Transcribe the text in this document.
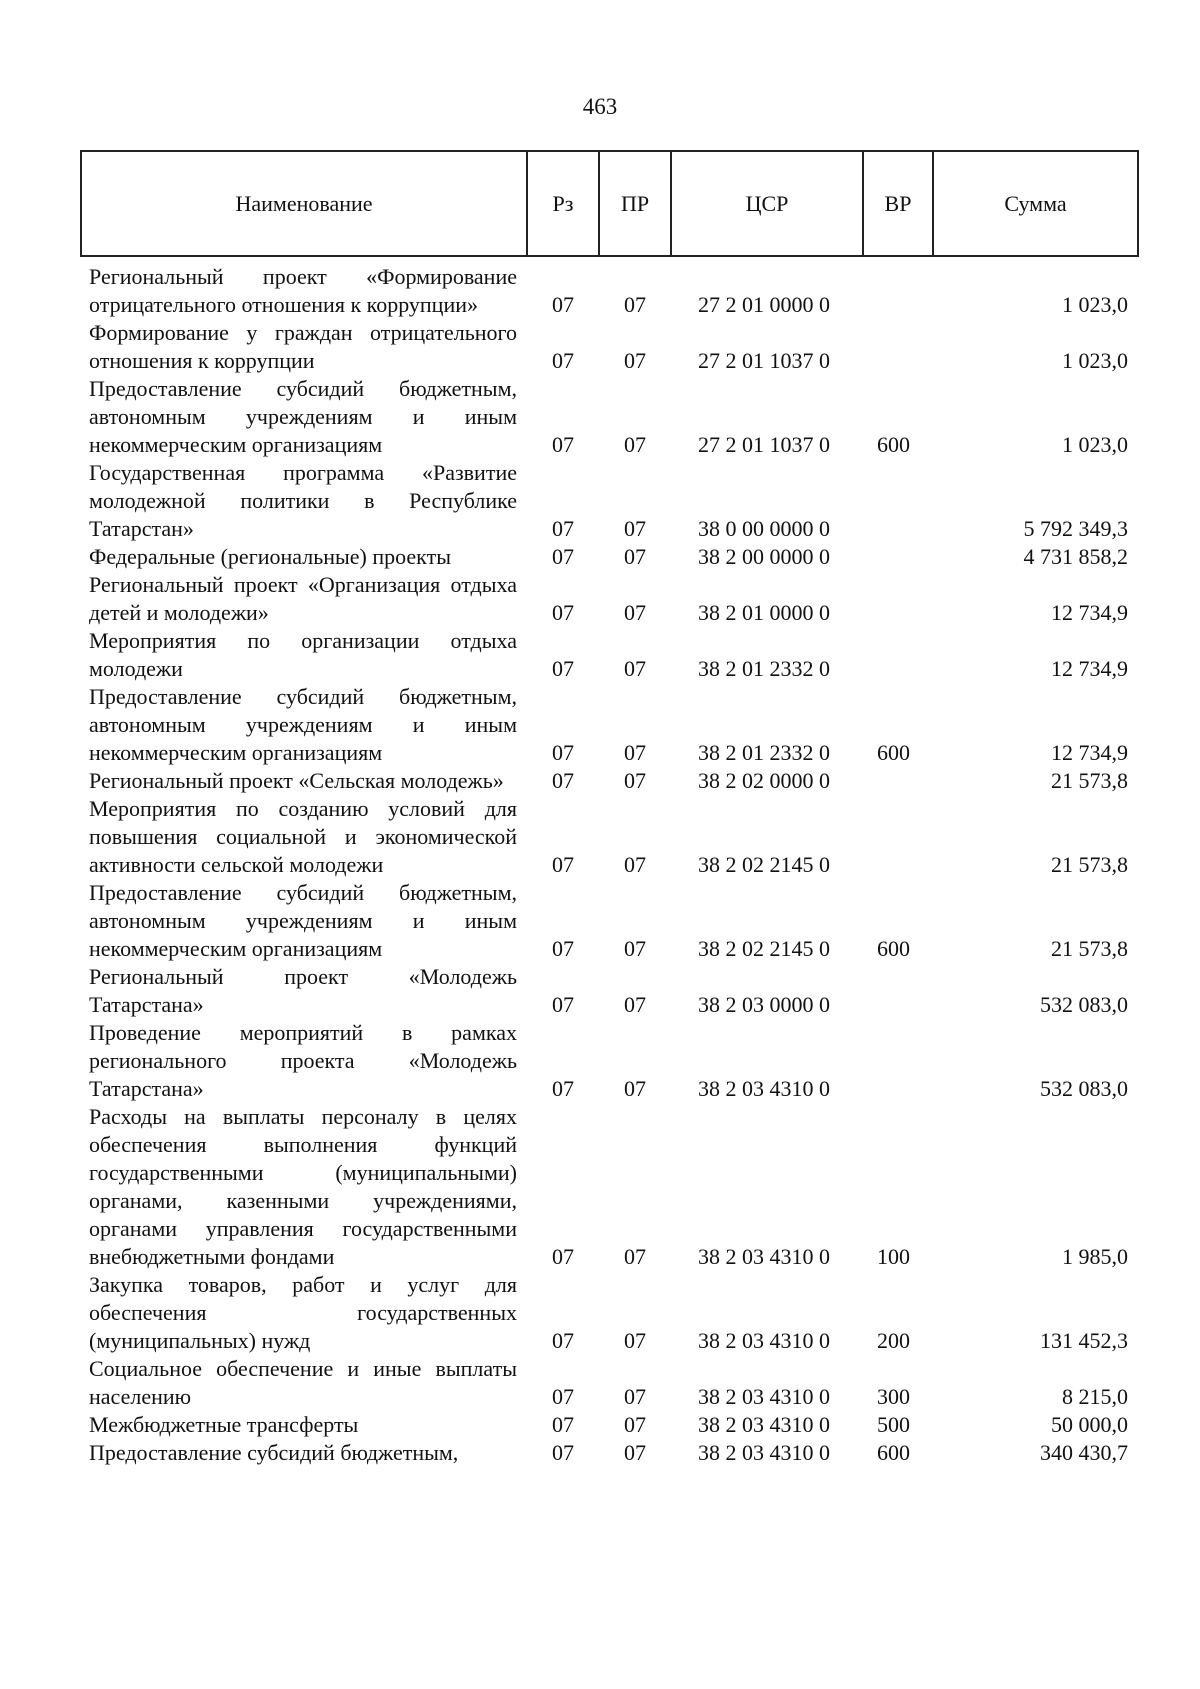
463
Наименование	Рз	ПР	ЦСР	ВР	Сумма

Региональный проект «Формирование отрицательного отношения к коррупции»	07	07	27 2 01 0000 0		1 023,0
Формирование у граждан отрицательного отношения к коррупции	07	07	27 2 01 1037 0		1 023,0
Предоставление субсидий бюджетным, автономным учреждениям и иным некоммерческим организациям	07	07	27 2 01 1037 0	600	1 023,0
Государственная программа «Развитие молодежной политики в Республике Татарстан»	07	07	38 0 00 0000 0		5 792 349,3
Федеральные (региональные) проекты	07	07	38 2 00 0000 0		4 731 858,2
Региональный проект «Организация отдыха детей и молодежи»	07	07	38 2 01 0000 0		12 734,9
Мероприятия по организации отдыха молодежи	07	07	38 2 01 2332 0		12 734,9
Предоставление субсидий бюджетным, автономным учреждениям и иным некоммерческим организациям	07	07	38 2 01 2332 0	600	12 734,9
Региональный проект «Сельская молодежь»	07	07	38 2 02 0000 0		21 573,8
Мероприятия по созданию условий для повышения социальной и экономической активности сельской молодежи	07	07	38 2 02 2145 0		21 573,8
Предоставление субсидий бюджетным, автономным учреждениям и иным некоммерческим организациям	07	07	38 2 02 2145 0	600	21 573,8
Региональный проект «Молодежь Татарстана»	07	07	38 2 03 0000 0		532 083,0
Проведение мероприятий в рамках регионального проекта «Молодежь Татарстана»	07	07	38 2 03 4310 0		532 083,0
Расходы на выплаты персоналу в целях обеспечения выполнения функций государственными (муниципальными) органами, казенными учреждениями, органами управления государственными внебюджетными фондами	07	07	38 2 03 4310 0	100	1 985,0
Закупка товаров, работ и услуг для обеспечения государственных (муниципальных) нужд	07	07	38 2 03 4310 0	200	131 452,3
Социальное обеспечение и иные выплаты населению	07	07	38 2 03 4310 0	300	8 215,0
Межбюджетные трансферты	07	07	38 2 03 4310 0	500	50 000,0
Предоставление субсидий бюджетным,	07	07	38 2 03 4310 0	600	340 430,7
